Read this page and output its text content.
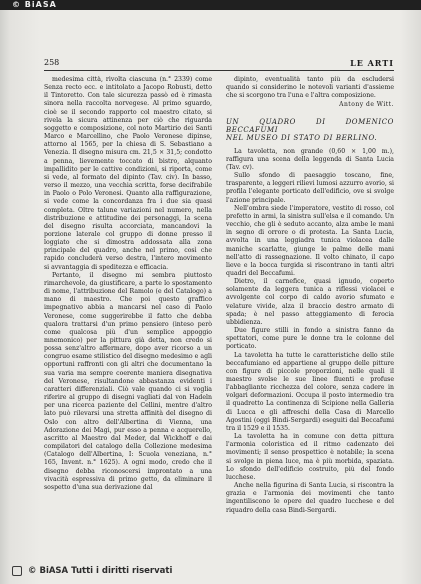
© BiASA
258	LE ARTI

medesima città, rivolta ciascuna (n.° 2339) come Senza recto ecc. e intitolato a Jacopo Robusti, detto il Tintoretto. Con tale sicurezza passò ed è rimasta sinora nella raccolta norvegese. Al primo sguardo, cioè se il secondo rapporto col maestro citato, si rivela la sicura attinenza per ciò che riguarda soggetto e composizione, col noto Martirio dei Santi Marco e Marcellino, che Paolo Veronese dipinse, attorno al 1565, per la chiesa di S. Sebastiano a Venezia. Il disegno misura cm. 21,5 × 31,5; condotto a penna, lievemente toccato di bistro, alquanto impallidito per le cattive condizioni, si riporta, come si vede, al formato del dipinto (Tav. civ). In basso, verso il mezzo, una vecchia scritta, forse decifrabile in Paolo o Polo Veronesi. Quanto alla raffigurazione, si vede come la concordanza fra i due sia quasi completa. Oltre talune variazioni nel numero, nella distribuzione e attitudine dei personaggi, la scena del disegno risulta accorciata, mancandovi la porzione laterale col gruppo di donne presso il loggiato che si dimostra addossata alla zona principale del quadro, anche nel primo, così che rapido concluderà verso destra, l'intero movimento si avvantaggia di speditezza e efficacia.

Pertanto, il disegno mi sembra piuttosto rimarchevole, da giustificare, a parte lo spostamento di nome, l'attribuzione del Ramolo (e del Catalogo) a mano di maestro. Che poi questo graffico impegnativo abbia a mancarsi nel caso di Paolo Veronese, come suggerirebbe il fatto che debba qualora trattarsi d'un primo pensiero (inteso però come qualcosa più d'un semplice appoggio mnemonico) per la pittura già detta, non credo si possa senz'altro affermare, dopo aver ricorso a un congruo esame stilistico del disegno medesimo e agli opportuni raffronti con gli altri che documentano la sua varia ma sempre coerente maniera disegnativa del Veronese, risultandone abbastanza evidenti i caratteri differenziali. Ciò vale quando ci si voglia riferire al gruppo di disegni vagliati dal von Hadeln per una ricerca paziente del Cellini, mentre d'altro lato può rilevarsi una stretta affinità del disegno di Oslo con altro dell'Albertina di Vienna, una Adorazione dei Magi, pur esso a penna e acquerello, ascritto al Maestro dal Meder, dal Wickhoff e dai compilatori del catalogo della Collezione medesima (Catalogo dell'Albertina, I: Scuola veneziana, n.° 165, Invent. n.° 1625). A ogni modo, credo che il disegno debba riconoscersi improntato a una vivacità espressiva di primo getto, da eliminare il sospetto d'una sua derivazione dal

dipinto, eventualità tanto più da escludersi quando si considerino le notevoli varianti d'assieme che si scorgono tra l'una e l'altra composizione.

Antony de Witt.
UN QUADRO DI DOMENICO BECCAFUMI
NEL MUSEO DI STATO DI BERLINO.

La tavoletta, non grande (0,60 × 1,00 m.), raffigura una scena della leggenda di Santa Lucia (Tav. cv).

Sullo sfondo di paesaggio toscano, fine, trasparente, a leggeri rilievi lumosi azzurro avorio, si profila l'elegante porticato dell'edificio, ove si svolge l'azione principale.

Nell'ombra siede l'imperatore, vestito di rosso, col prefetto in armi, la sinistra sull'elsa e il comando. Un vecchio, che gli è seduto accanto, alza ambe le mani in segno di orrore o di protesta. La Santa Lucia, avvolta in una leggiadra tunica violacea dalle maniche scarlatte, giunge le palme delle mani nell'atto di rassegnazione. Il volto chinato, il capo lieve e la bocca turgida si riscontrano in tanti altri quadri del Beccafumi.

Dietro, il carnefice, quasi ignudo, coperto solamente da leggera tunica a riflessi violacei e avvolgente col corpo di caldo avorio sfumato e velature vivide, alza il braccio destro armato di spada; è nel passo atteggiamento di ferocia ubbidienza.

Due figure stilli in fondo a sinistra fanno da spettatori, come pure le donne tra le colonne del porticato.

La tavoletta ha tutte le caratteristiche dello stile beccafumiano ed appartiene al gruppo delle pitture con figure di piccole proporzioni, nelle quali il maestro svolse le sue linee fluenti e profuse l'abbagliante ricchezza del colore, senza cadere in volgari deformazioni. Occupa il posto intermedio tra il quadretto La continenza di Scipione nella Galleria di Lucca e gli affreschi della Casa di Marcello Agostini (oggi Bindi-Sergardi) eseguiti dal Beccafumi tra il 1529 e il 1535.

La tavoletta ha in comune con detta pittura l'armonia coloristica ed il ritmo cadenzato dei movimenti; il senso prospettico è notabile; la scena si svolge in piena luce, ma è più morbida, spaziata. Lo sfondo dell'edificio costruito, più del fondo lucchese.

Anche nella figurina di Santa Lucia, si riscontra la grazia e l'armonia dei movimenti che tanto ingentiliscono le opere del quadro lucchese e del riquadro della casa Bindi-Sergardi.

© BiASA Tutti i diritti riservati
